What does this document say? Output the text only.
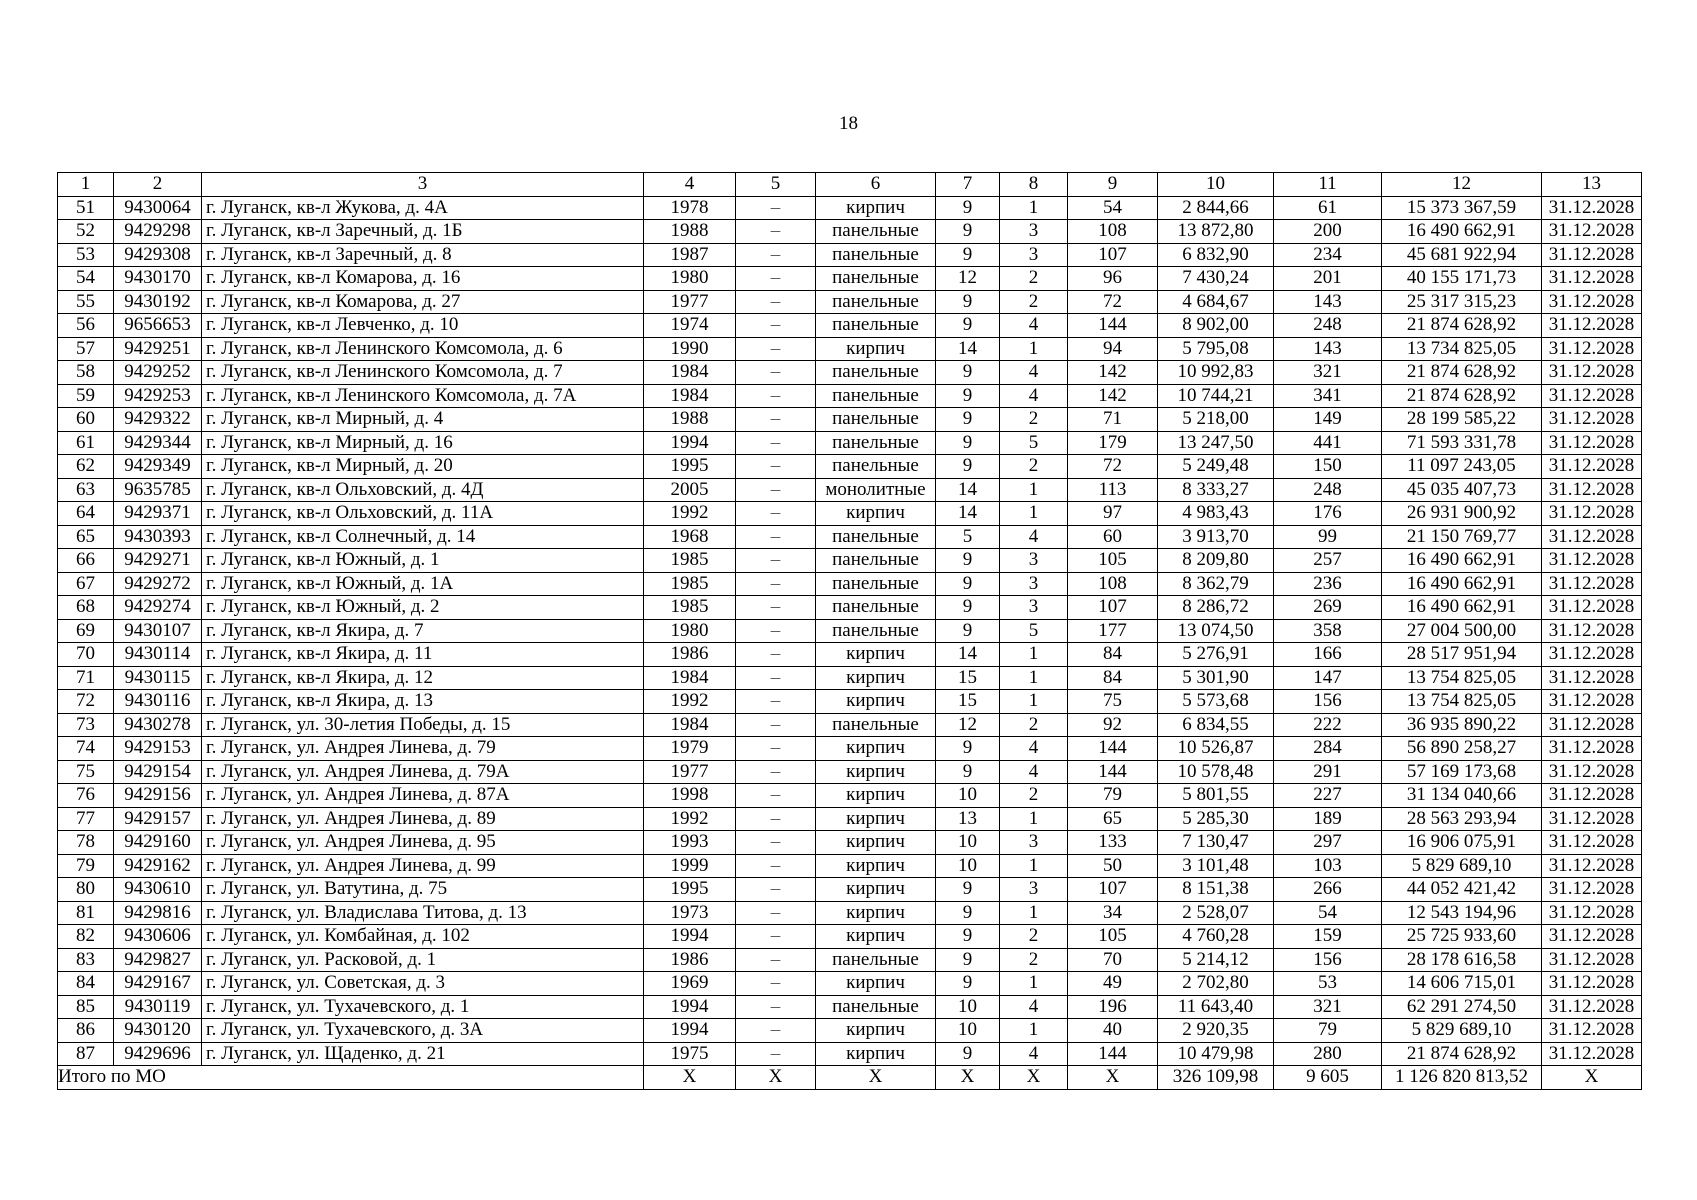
18
1	2	3	4	5	6	7	8	9	10	11	12	13
51	9430064	г. Луганск, кв-л Жукова, д. 4А	1978	–	кирпич	9	1	54	2 844,66	61	15 373 367,59	31.12.2028
52	9429298	г. Луганск, кв-л Заречный, д. 1Б	1988	–	панельные	9	3	108	13 872,80	200	16 490 662,91	31.12.2028
53	9429308	г. Луганск, кв-л Заречный, д. 8	1987	–	панельные	9	3	107	6 832,90	234	45 681 922,94	31.12.2028
54	9430170	г. Луганск, кв-л Комарова, д. 16	1980	–	панельные	12	2	96	7 430,24	201	40 155 171,73	31.12.2028
55	9430192	г. Луганск, кв-л Комарова, д. 27	1977	–	панельные	9	2	72	4 684,67	143	25 317 315,23	31.12.2028
56	9656653	г. Луганск, кв-л Левченко, д. 10	1974	–	панельные	9	4	144	8 902,00	248	21 874 628,92	31.12.2028
57	9429251	г. Луганск, кв-л Ленинского Комсомола, д. 6	1990	–	кирпич	14	1	94	5 795,08	143	13 734 825,05	31.12.2028
58	9429252	г. Луганск, кв-л Ленинского Комсомола, д. 7	1984	–	панельные	9	4	142	10 992,83	321	21 874 628,92	31.12.2028
59	9429253	г. Луганск, кв-л Ленинского Комсомола, д. 7А	1984	–	панельные	9	4	142	10 744,21	341	21 874 628,92	31.12.2028
60	9429322	г. Луганск, кв-л Мирный, д. 4	1988	–	панельные	9	2	71	5 218,00	149	28 199 585,22	31.12.2028
61	9429344	г. Луганск, кв-л Мирный, д. 16	1994	–	панельные	9	5	179	13 247,50	441	71 593 331,78	31.12.2028
62	9429349	г. Луганск, кв-л Мирный, д. 20	1995	–	панельные	9	2	72	5 249,48	150	11 097 243,05	31.12.2028
63	9635785	г. Луганск, кв-л Ольховский, д. 4Д	2005	–	монолитные	14	1	113	8 333,27	248	45 035 407,73	31.12.2028
64	9429371	г. Луганск, кв-л Ольховский, д. 11А	1992	–	кирпич	14	1	97	4 983,43	176	26 931 900,92	31.12.2028
65	9430393	г. Луганск, кв-л Солнечный, д. 14	1968	–	панельные	5	4	60	3 913,70	99	21 150 769,77	31.12.2028
66	9429271	г. Луганск, кв-л Южный, д. 1	1985	–	панельные	9	3	105	8 209,80	257	16 490 662,91	31.12.2028
67	9429272	г. Луганск, кв-л Южный, д. 1А	1985	–	панельные	9	3	108	8 362,79	236	16 490 662,91	31.12.2028
68	9429274	г. Луганск, кв-л Южный, д. 2	1985	–	панельные	9	3	107	8 286,72	269	16 490 662,91	31.12.2028
69	9430107	г. Луганск, кв-л Якира, д. 7	1980	–	панельные	9	5	177	13 074,50	358	27 004 500,00	31.12.2028
70	9430114	г. Луганск, кв-л Якира, д. 11	1986	–	кирпич	14	1	84	5 276,91	166	28 517 951,94	31.12.2028
71	9430115	г. Луганск, кв-л Якира, д. 12	1984	–	кирпич	15	1	84	5 301,90	147	13 754 825,05	31.12.2028
72	9430116	г. Луганск, кв-л Якира, д. 13	1992	–	кирпич	15	1	75	5 573,68	156	13 754 825,05	31.12.2028
73	9430278	г. Луганск, ул. 30-летия Победы, д. 15	1984	–	панельные	12	2	92	6 834,55	222	36 935 890,22	31.12.2028
74	9429153	г. Луганск, ул. Андрея Линева, д. 79	1979	–	кирпич	9	4	144	10 526,87	284	56 890 258,27	31.12.2028
75	9429154	г. Луганск, ул. Андрея Линева, д. 79А	1977	–	кирпич	9	4	144	10 578,48	291	57 169 173,68	31.12.2028
76	9429156	г. Луганск, ул. Андрея Линева, д. 87А	1998	–	кирпич	10	2	79	5 801,55	227	31 134 040,66	31.12.2028
77	9429157	г. Луганск, ул. Андрея Линева, д. 89	1992	–	кирпич	13	1	65	5 285,30	189	28 563 293,94	31.12.2028
78	9429160	г. Луганск, ул. Андрея Линева, д. 95	1993	–	кирпич	10	3	133	7 130,47	297	16 906 075,91	31.12.2028
79	9429162	г. Луганск, ул. Андрея Линева, д. 99	1999	–	кирпич	10	1	50	3 101,48	103	5 829 689,10	31.12.2028
80	9430610	г. Луганск, ул. Ватутина, д. 75	1995	–	кирпич	9	3	107	8 151,38	266	44 052 421,42	31.12.2028
81	9429816	г. Луганск, ул. Владислава Титова, д. 13	1973	–	кирпич	9	1	34	2 528,07	54	12 543 194,96	31.12.2028
82	9430606	г. Луганск, ул. Комбайная, д. 102	1994	–	кирпич	9	2	105	4 760,28	159	25 725 933,60	31.12.2028
83	9429827	г. Луганск, ул. Расковой, д. 1	1986	–	панельные	9	2	70	5 214,12	156	28 178 616,58	31.12.2028
84	9429167	г. Луганск, ул. Советская, д. 3	1969	–	кирпич	9	1	49	2 702,80	53	14 606 715,01	31.12.2028
85	9430119	г. Луганск, ул. Тухачевского, д. 1	1994	–	панельные	10	4	196	11 643,40	321	62 291 274,50	31.12.2028
86	9430120	г. Луганск, ул. Тухачевского, д. 3А	1994	–	кирпич	10	1	40	2 920,35	79	5 829 689,10	31.12.2028
87	9429696	г. Луганск, ул. Щаденко, д. 21	1975	–	кирпич	9	4	144	10 479,98	280	21 874 628,92	31.12.2028
Итого по МО			X	X	X	X	X	X	326 109,98	9 605	1 126 820 813,52	X
